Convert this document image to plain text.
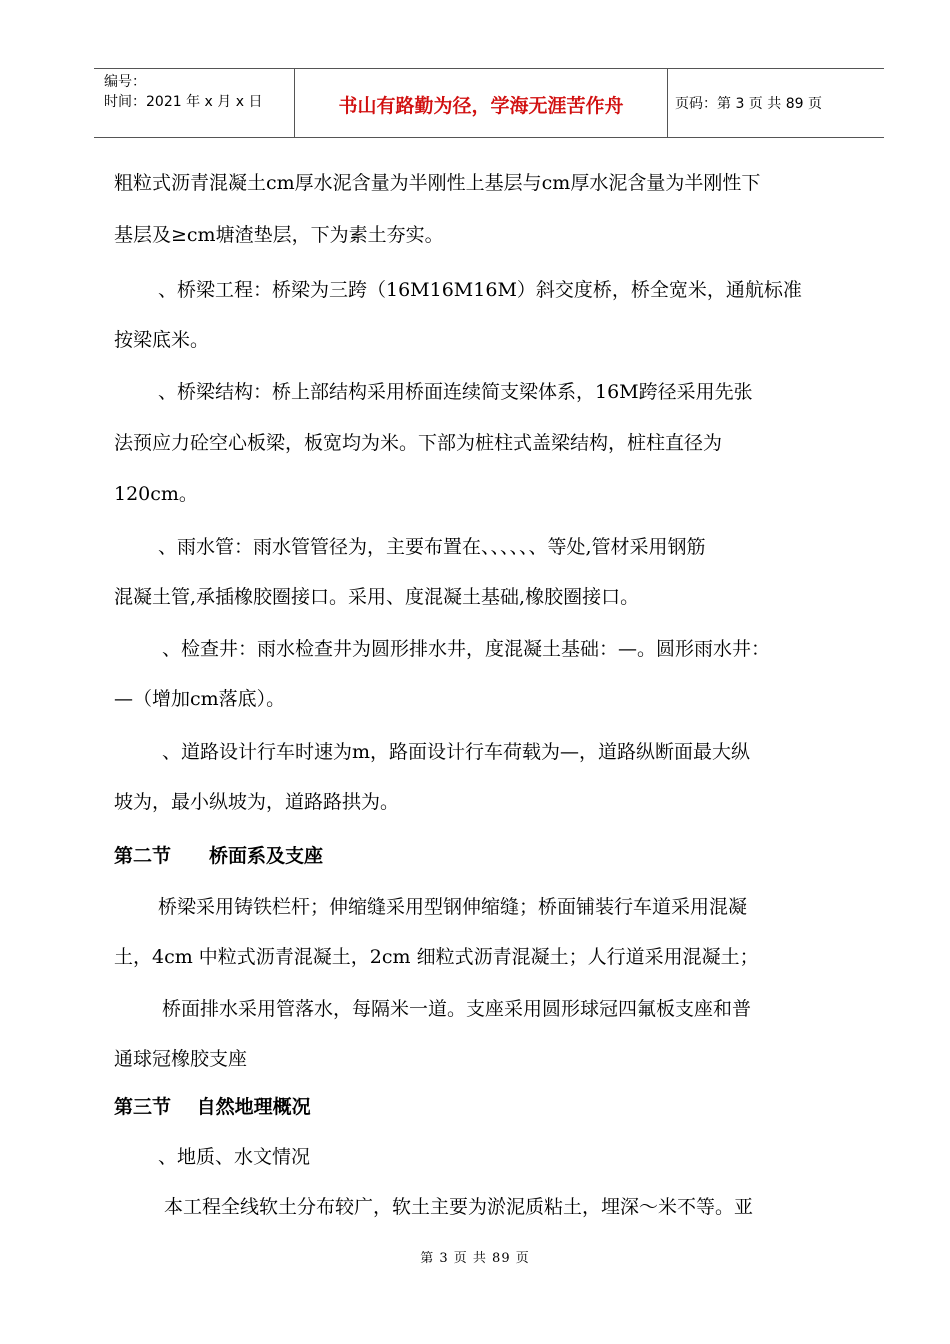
编号：
时间：2021 年 x 月 x 日	书山有路勤为径，学海无涯苦作舟	页码：第 3 页 共 89 页
粗粒式沥青混凝土cm厚水泥含量为半刚性上基层与cm厚水泥含量为半刚性下
基层及≥cm塘渣垫层，下为素土夯实。
、桥梁工程：桥梁为三跨（16M16M16M）斜交度桥，桥全宽米，通航标准
按梁底米。
、桥梁结构：桥上部结构采用桥面连续简支梁体系，16M跨径采用先张
法预应力砼空心板梁，板宽均为米。下部为桩柱式盖梁结构，桩柱直径为
120cm。
、雨水管：雨水管管径为，主要布置在、、、、、、等处,管材采用钢筋
混凝土管,承插橡胶圈接口。采用、度混凝土基础,橡胶圈接口。
、检查井：雨水检查井为圆形排水井，度混凝土基础：—。圆形雨水井：
—（增加cm落底）。
、道路设计行车时速为m，路面设计行车荷载为—，道路纵断面最大纵
坡为，最小纵坡为，道路路拱为。
第二节　　桥面系及支座
桥梁采用铸铁栏杆；伸缩缝采用型钢伸缩缝；桥面铺装行车道采用混凝
土，4cm 中粒式沥青混凝土，2cm 细粒式沥青混凝土；人行道采用混凝土；
桥面排水采用管落水，每隔米一道。支座采用圆形球冠四氟板支座和普
通球冠橡胶支座
第三节　 自然地理概况
、地质、水文情况
本工程全线软土分布较广，软土主要为淤泥质粘土，埋深～米不等。亚
第 3 页 共 89 页
